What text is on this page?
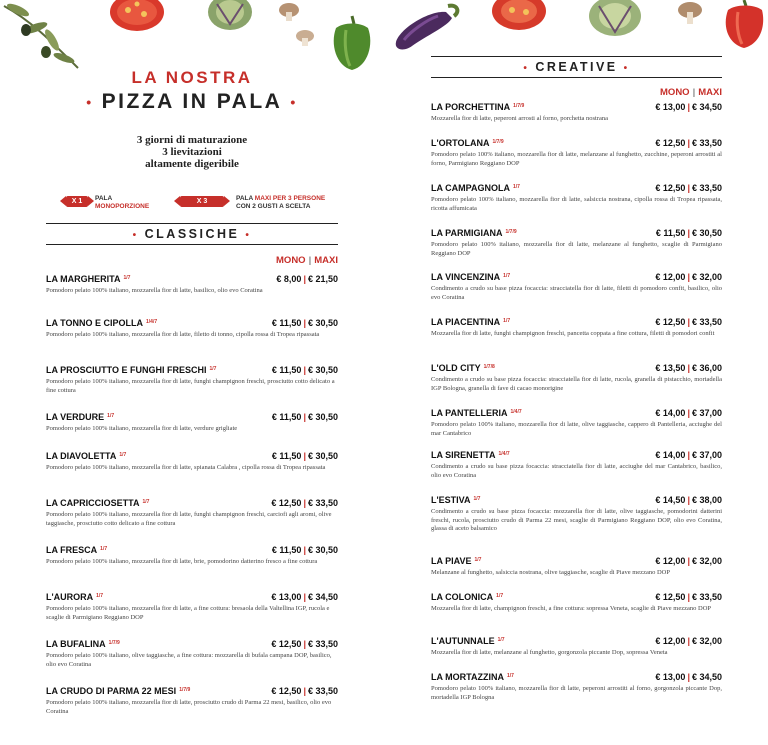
LA NOSTRA
• PIZZA IN PALA •
3 giorni di maturazione
3 lievitazioni
altamente digeribile
X 1	PALA
MONOPORZIONE
X 3	PALA MAXI PER 3 PERSONE
CON 2 GUSTI A SCELTA
• CLASSICHE •
MONO | MAXI
LA MARGHERITA $^{1/7}$	€ 8,00 | € 21,50
Pomodoro pelato 100% italiano, mozzarella fior di latte, basilico, olio evo Coratina
LA TONNO E CIPOLLA $^{1/4/7}$	€ 11,50 | € 30,50
Pomodoro pelato 100% italiano, mozzarella fior di latte, filetto di tonno, cipolla rossa di Tropea ripassata
LA PROSCIUTTO E FUNGHI FRESCHI $^{1/7}$	€ 11,50 | € 30,50
Pomodoro pelato 100% italiano, mozzarella fior di latte, funghi champignon freschi, prosciutto cotto delicato a fine cottura
LA VERDURE $^{1/7}$	€ 11,50 | € 30,50
Pomodoro pelato 100% italiano, mozzarella fior di latte, verdure grigliate
LA DIAVOLETTA $^{1/7}$	€ 11,50 | € 30,50
Pomodoro pelato 100% italiano, mozzarella fior di latte, spianata Calabra , cipolla rossa di Tropea ripassata
LA CAPRICCIOSETTA $^{1/7}$	€ 12,50 | € 33,50
Pomodoro pelato 100% italiano, mozzarella fior di latte, funghi champignon freschi, carciofi agli aromi, olive taggiasche, prosciutto cotto delicato a fine cottura
LA FRESCA $^{1/7}$	€ 11,50 | € 30,50
Pomodoro pelato 100% italiano, mozzarella fior di latte, brie, pomodorino datterino fresco a fine cottura
L'AURORA $^{1/7}$	€ 13,00 | € 34,50
Pomodoro pelato 100% italiano, mozzarella fior di latte, a fine cottura: bresaola della Valtellina IGP, rucola e scaglie di Parmigiano Reggiano DOP
LA BUFALINA $^{1/7/9}$	€ 12,50 | € 33,50
Pomodoro pelato 100% italiano, olive taggiasche, a fine cottura: mozzarella di bufala campana DOP, basilico, olio evo Coratina
LA CRUDO DI PARMA 22 MESI $^{1/7/9}$	€ 12,50 | € 33,50
Pomodoro pelato 100% italiano, mozzarella fior di latte, prosciutto crudo di Parma 22 mesi, basilico, olio evo Coratina
• CREATIVE •
MONO | MAXI
LA PORCHETTINA $^{1/7/9}$	€ 13,00 | € 34,50
Mozzarella fior di latte, peperoni arrosti al forno, porchetta nostrana
L'ORTOLANA $^{1/7/9}$	€ 12,50 | € 33,50
Pomodoro pelato 100% italiano, mozzarella fior di latte, melanzane al funghetto, zucchine, peperoni arrostiti al forno, Parmigiano Reggiano DOP
LA CAMPAGNOLA $^{1/7}$	€ 12,50 | € 33,50
Pomodoro pelato 100% italiano, mozzarella fior di latte, salsiccia nostrana, cipolla rossa di Tropea ripassata, ricotta affumicata
LA PARMIGIANA $^{1/7/9}$	€ 11,50 | € 30,50
Pomodoro pelato 100% italiano, mozzarella fior di latte, melanzane al funghetto, scaglie di Parmigiano Reggiano DOP
LA VINCENZINA $^{1/7}$	€ 12,00 | € 32,00
Condimento a crudo su base pizza focaccia: stracciatella fior di latte, filetti di pomodoro confit, basilico, olio evo Coratina
LA PIACENTINA $^{1/7}$	€ 12,50 | € 33,50
Mozzarella fior di latte, funghi champignon freschi, pancetta coppata a fine cottura, filetti di pomodori confit
L'OLD CITY $^{1/7/8}$	€ 13,50 | € 36,00
Condimento a crudo su base pizza focaccia: stracciatella fior di latte, rucola, granella di pistacchio, mortadella IGP Bologna, granella di fave di cacao monorigine
LA PANTELLERIA $^{1/4/7}$	€ 14,00 | € 37,00
Pomodoro pelato 100% italiano, mozzarella fior di latte, olive taggiasche, cappero di Pantelleria, acciughe del mar Cantabrico
LA SIRENETTA $^{1/4/7}$	€ 14,00 | € 37,00
Condimento a crudo su base pizza focaccia: stracciatella fior di latte, acciughe del mar Cantabrico, basilico, olio evo Coratina
L'ESTIVA $^{1/7}$	€ 14,50 | € 38,00
Condimento a crudo su base pizza focaccia: mozzarella fior di latte, olive taggiasche, pomodorini datterini freschi, rucola, prosciutto crudo di Parma 22 mesi, scaglie di Parmigiano Reggiano DOP, olio evo Coratina, glassa di aceto balsamico
LA PIAVE $^{1/7}$	€ 12,00 | € 32,00
Melanzane al funghetto, salsiccia nostrana, olive taggiasche, scaglie di Piave mezzano DOP
LA COLONICA $^{1/7}$	€ 12,50 | € 33,50
Mozzarella fior di latte, champignon freschi, a fine cottura: sopressa Veneta, scaglie di Piave mezzano DOP
L'AUTUNNALE $^{1/7}$	€ 12,00 | € 32,00
Mozzarella fior di latte, melanzane al funghetto, gorgonzola piccante Dop, sopressa Veneta
LA MORTAZZINA $^{1/7}$	€ 13,00 | € 34,50
Pomodoro pelato 100% italiano, mozzarella fior di latte, peperoni arrostiti al forno, gorgonzola piccante Dop, mortadella IGP Bologna
